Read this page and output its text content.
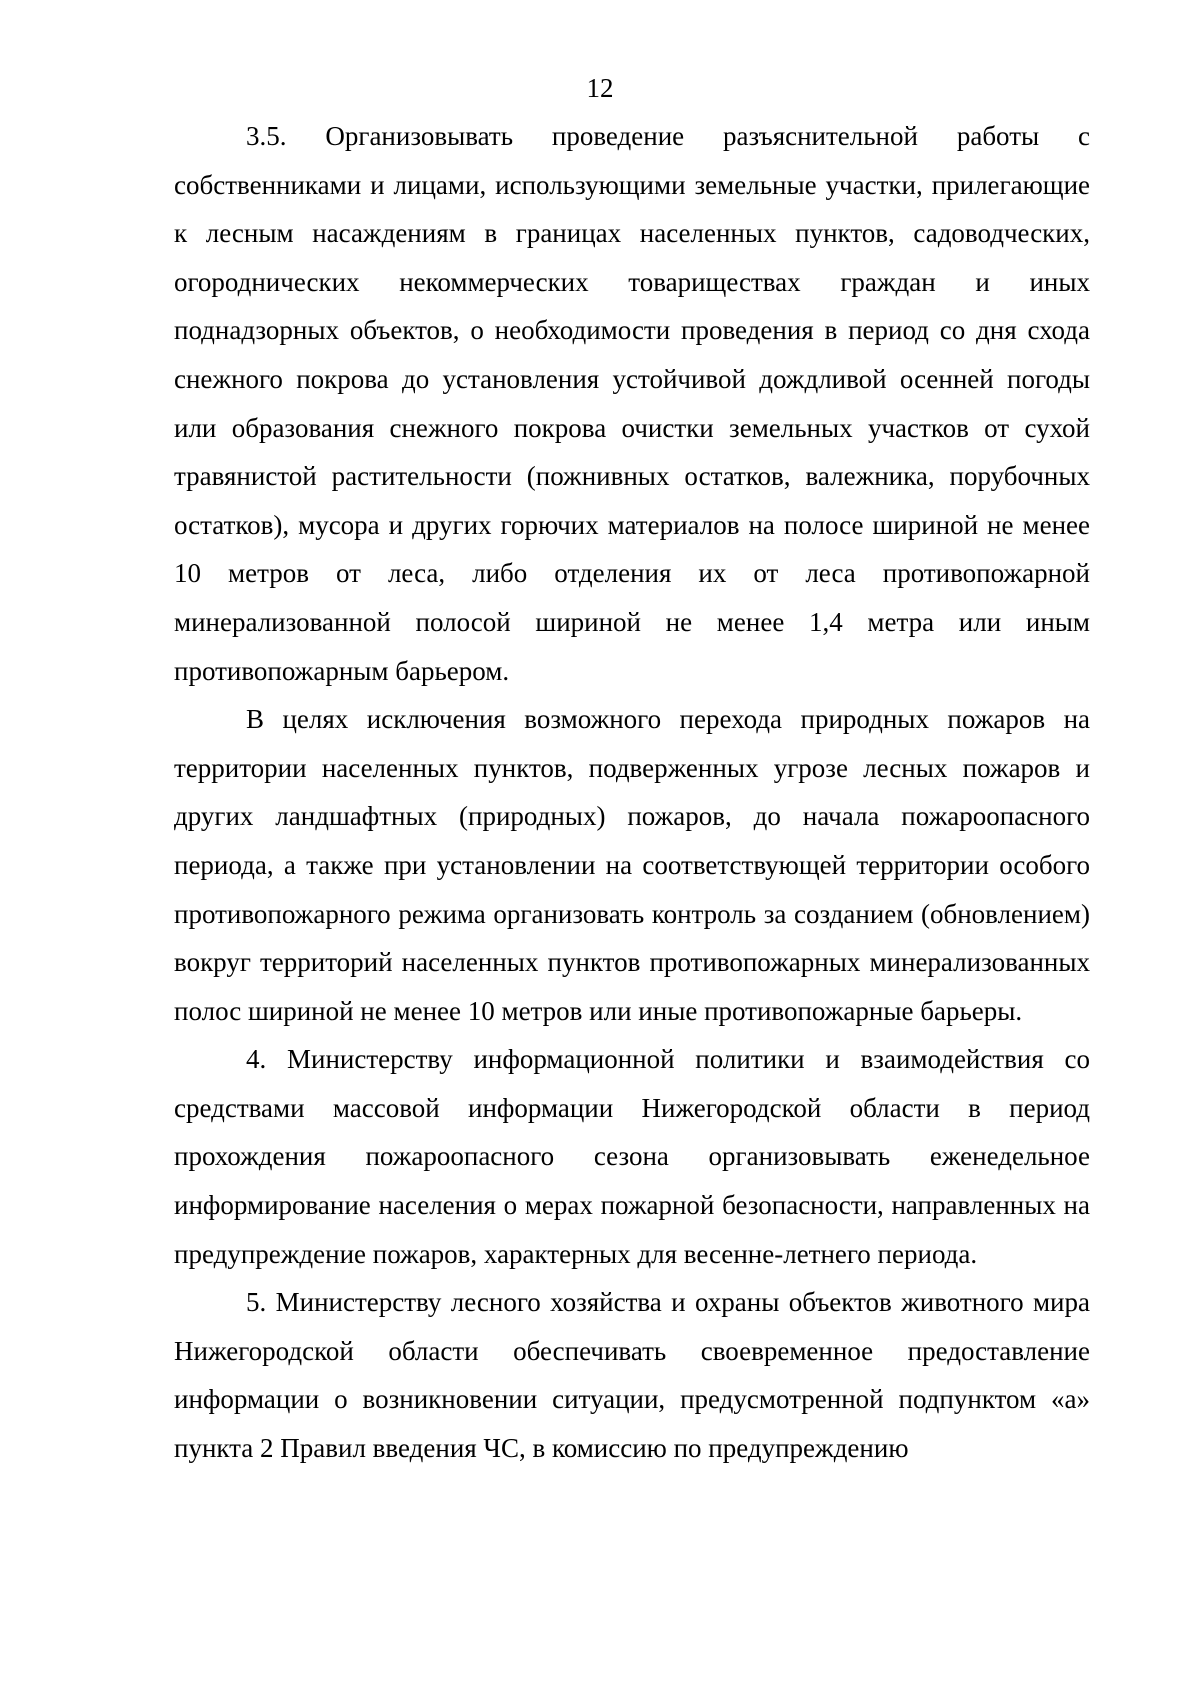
12

3.5. Организовывать проведение разъяснительной работы с собственниками и лицами, использующими земельные участки, прилегающие к лесным насаждениям в границах населенных пунктов, садоводческих, огороднических некоммерческих товариществах граждан и иных поднадзорных объектов, о необходимости проведения в период со дня схода снежного покрова до установления устойчивой дождливой осенней погоды или образования снежного покрова очистки земельных участков от сухой травянистой растительности (пожнивных остатков, валежника, порубочных остатков), мусора и других горючих материалов на полосе шириной не менее 10 метров от леса, либо отделения их от леса противопожарной минерализованной полосой шириной не менее 1,4 метра или иным противопожарным барьером.

В целях исключения возможного перехода природных пожаров на территории населенных пунктов, подверженных угрозе лесных пожаров и других ландшафтных (природных) пожаров, до начала пожароопасного периода, а также при установлении на соответствующей территории особого противопожарного режима организовать контроль за созданием (обновлением) вокруг территорий населенных пунктов противопожарных минерализованных полос шириной не менее 10 метров или иные противопожарные барьеры.

4. Министерству информационной политики и взаимодействия со средствами массовой информации Нижегородской области в период прохождения пожароопасного сезона организовывать еженедельное информирование населения о мерах пожарной безопасности, направленных на предупреждение пожаров, характерных для весенне-летнего периода.

5. Министерству лесного хозяйства и охраны объектов животного мира Нижегородской области обеспечивать своевременное предоставление информации о возникновении ситуации, предусмотренной подпунктом «а» пункта 2 Правил введения ЧС, в комиссию по предупреждению
